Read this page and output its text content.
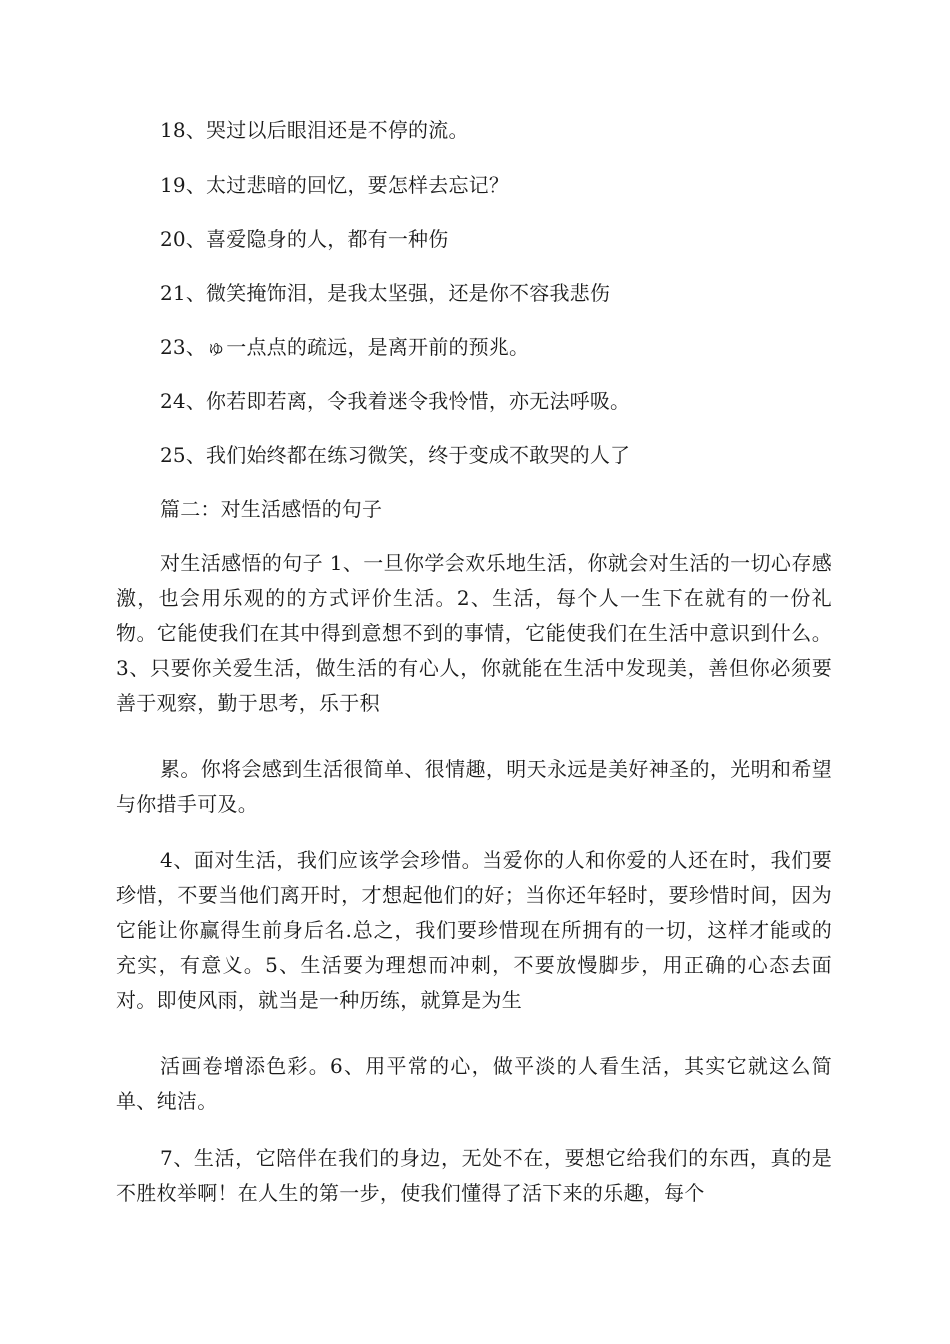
18、哭过以后眼泪还是不停的流。
19、太过悲暗的回忆，要怎样去忘记？
20、喜爱隐身的人，都有一种伤
21、微笑掩饰泪，是我太坚强，还是你不容我悲伤
23、ゅ一点点的疏远，是离开前的预兆。
24、你若即若离，令我着迷令我怜惜，亦无法呼吸。
25、我们始终都在练习微笑，终于变成不敢哭的人了
篇二：对生活感悟的句子
对生活感悟的句子 1、一旦你学会欢乐地生活，你就会对生活的一切心存感激，也会用乐观的的方式评价生活。2、生活，每个人一生下在就有的一份礼物。它能使我们在其中得到意想不到的事情，它能使我们在生活中意识到什么。3、只要你关爱生活，做生活的有心人，你就能在生活中发现美，善但你必须要善于观察，勤于思考，乐于积
累。你将会感到生活很简单、很情趣，明天永远是美好神圣的，光明和希望与你措手可及。
4、面对生活，我们应该学会珍惜。当爱你的人和你爱的人还在时，我们要珍惜，不要当他们离开时，才想起他们的好；当你还年轻时，要珍惜时间，因为它能让你赢得生前身后名.总之，我们要珍惜现在所拥有的一切，这样才能或的充实，有意义。5、生活要为理想而冲刺，不要放慢脚步，用正确的心态去面对。即使风雨，就当是一种历练，就算是为生
活画卷增添色彩。6、用平常的心，做平淡的人看生活，其实它就这么简单、纯洁。
7、生活，它陪伴在我们的身边，无处不在，要想它给我们的东西，真的是不胜枚举啊！在人生的第一步，使我们懂得了活下来的乐趣，每个
